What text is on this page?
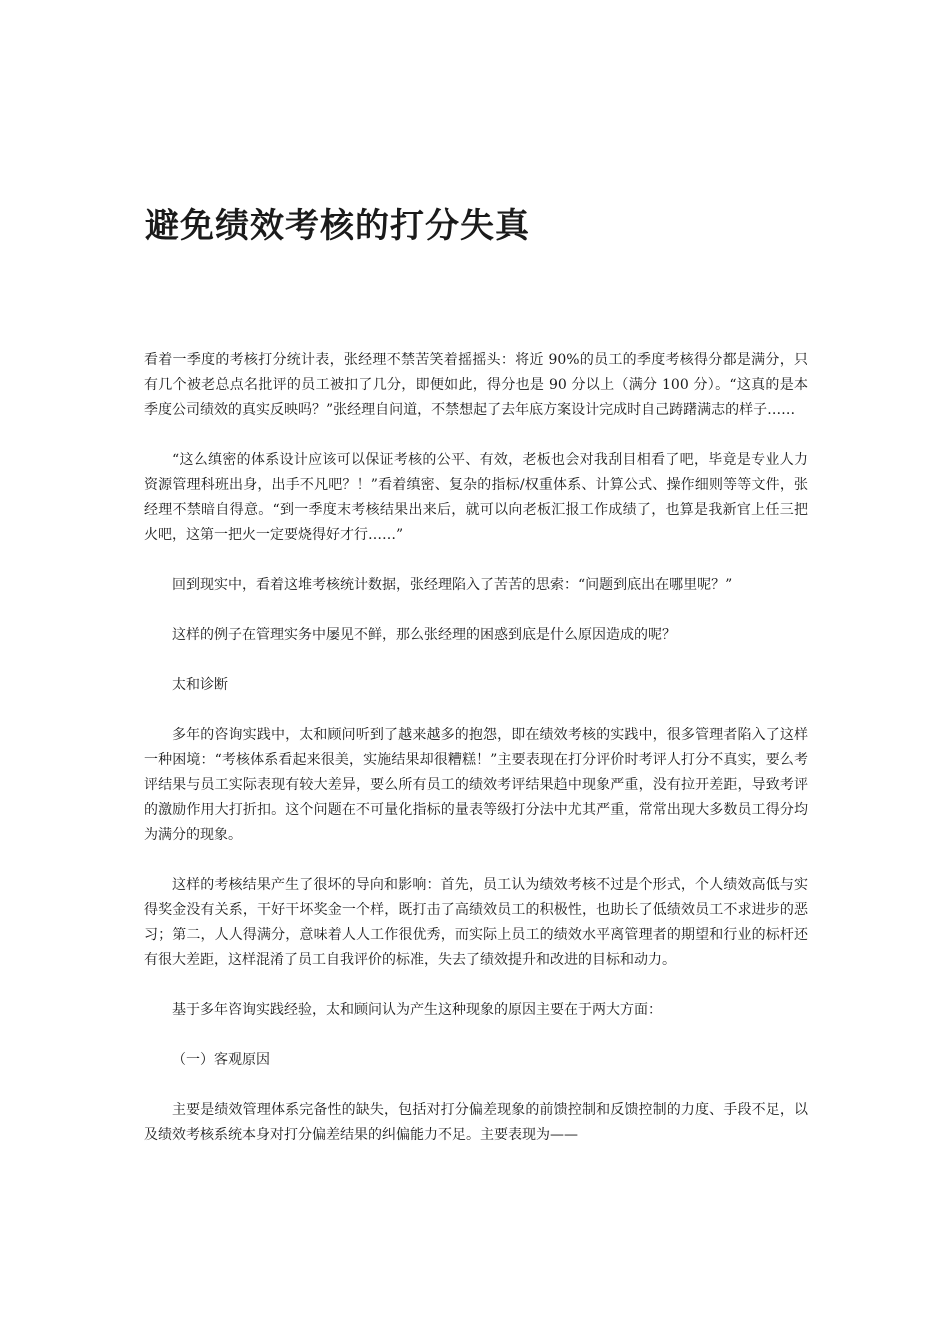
避免绩效考核的打分失真

看着一季度的考核打分统计表，张经理不禁苦笑着摇摇头：将近 90%的员工的季度考核得分都是满分，只有几个被老总点名批评的员工被扣了几分，即便如此，得分也是 90 分以上（满分 100 分）。“这真的是本季度公司绩效的真实反映吗？”张经理自问道，不禁想起了去年底方案设计完成时自己踌躇满志的样子……

“这么缜密的体系设计应该可以保证考核的公平、有效，老板也会对我刮目相看了吧，毕竟是专业人力资源管理科班出身，出手不凡吧？！”看着缜密、复杂的指标/权重体系、计算公式、操作细则等等文件，张经理不禁暗自得意。“到一季度末考核结果出来后，就可以向老板汇报工作成绩了，也算是我新官上任三把火吧，这第一把火一定要烧得好才行……”

回到现实中，看着这堆考核统计数据，张经理陷入了苦苦的思索：“问题到底出在哪里呢？”

这样的例子在管理实务中屡见不鲜，那么张经理的困惑到底是什么原因造成的呢？

太和诊断

多年的咨询实践中，太和顾问听到了越来越多的抱怨，即在绩效考核的实践中，很多管理者陷入了这样一种困境：“考核体系看起来很美，实施结果却很糟糕！”主要表现在打分评价时考评人打分不真实，要么考评结果与员工实际表现有较大差异，要么所有员工的绩效考评结果趋中现象严重，没有拉开差距，导致考评的激励作用大打折扣。这个问题在不可量化指标的量表等级打分法中尤其严重，常常出现大多数员工得分均为满分的现象。

这样的考核结果产生了很坏的导向和影响：首先，员工认为绩效考核不过是个形式，个人绩效高低与实得奖金没有关系，干好干坏奖金一个样，既打击了高绩效员工的积极性，也助长了低绩效员工不求进步的恶习；第二，人人得满分，意味着人人工作很优秀，而实际上员工的绩效水平离管理者的期望和行业的标杆还有很大差距，这样混淆了员工自我评价的标准，失去了绩效提升和改进的目标和动力。

基于多年咨询实践经验，太和顾问认为产生这种现象的原因主要在于两大方面：

（一）客观原因

主要是绩效管理体系完备性的缺失，包括对打分偏差现象的前馈控制和反馈控制的力度、手段不足，以及绩效考核系统本身对打分偏差结果的纠偏能力不足。主要表现为——
